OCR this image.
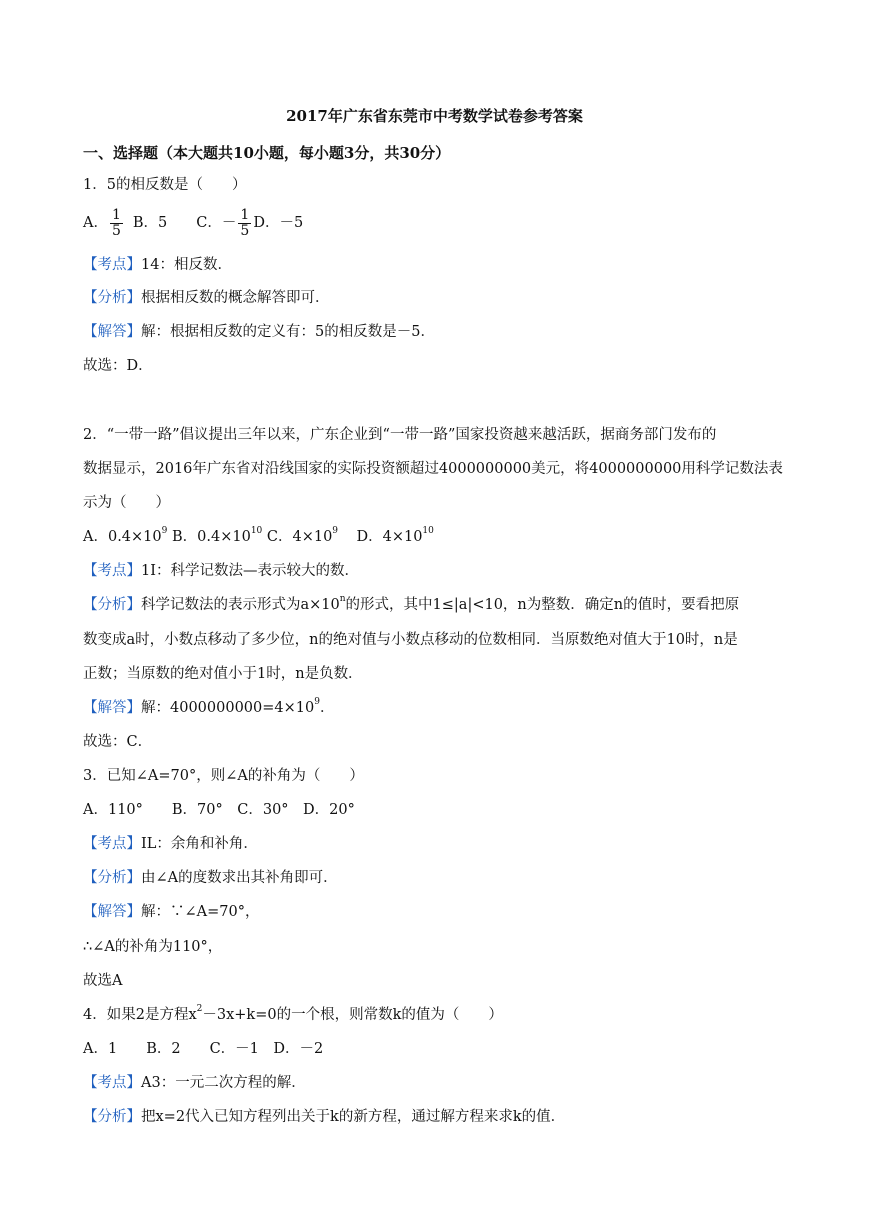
2017年广东省东莞市中考数学试卷参考答案
一、选择题（本大题共10小题，每小题3分，共30分）
1．5的相反数是（　　）
A． $\frac{1}{5}$ B．5　　C．－ $\frac{1}{5}$ D．－5
【考点】14：相反数．
【分析】根据相反数的概念解答即可．
【解答】解：根据相反数的定义有：5的相反数是－5．
故选：D．
2．“一带一路”倡议提出三年以来，广东企业到“一带一路”国家投资越来越活跃，据商务部门发布的
数据显示，2016年广东省对沿线国家的实际投资额超过4000000000美元，将4000000000用科学记数法表
示为（　　）
A．$0.4\times 10^9$ B．$0.4\times 10^{10}$ C．$4\times 10^9$ D．$4\times 10^{10}$
【考点】1I：科学记数法—表示较大的数．
【分析】科学记数法的表示形式为$a\times 10^n$的形式，其中1≤|a|<10，n为整数．确定n的值时，要看把原
数变成a时，小数点移动了多少位，n的绝对值与小数点移动的位数相同．当原数绝对值大于10时，n是
正数；当原数的绝对值小于1时，n是负数．
【解答】解：$4000000000=4\times 10^9$．
故选：C．
3．已知∠A=70°，则∠A的补角为（　　）
A．110°　　B．70°　C．30°　D．20°
【考点】IL：余角和补角．
【分析】由∠A的度数求出其补角即可．
【解答】解：∵∠A=70°，
∴∠A的补角为110°，
故选A
4．如果2是方程$x^2-3x+k=0$的一个根，则常数k的值为（　　）
A．1　　B．2　　C．－1　D．－2
【考点】A3：一元二次方程的解．
【分析】把x=2代入已知方程列出关于k的新方程，通过解方程来求k的值．
